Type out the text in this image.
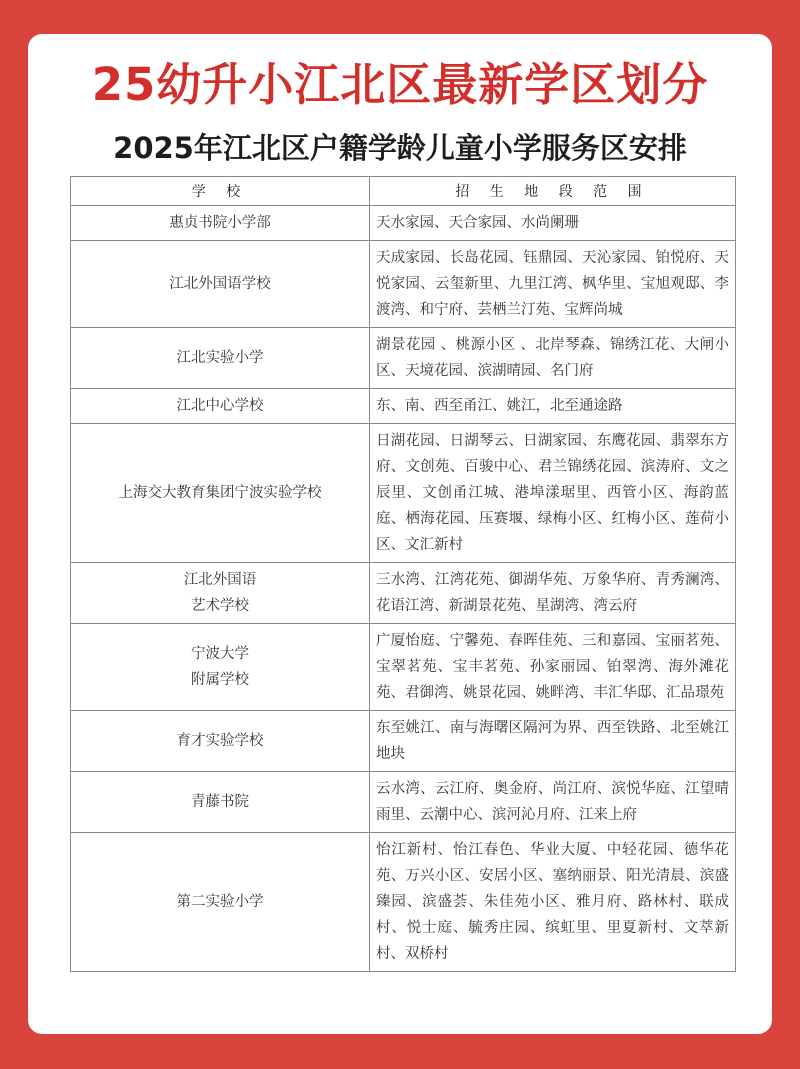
25幼升小江北区最新学区划分
2025年江北区户籍学龄儿童小学服务区安排
学 校	招 生 地 段 范 围
惠贞书院小学部	天水家园、天合家园、水尚阑珊
江北外国语学校	天成家园、长岛花园、钰鼎园、天沁家园、铂悦府、天悦家园、云玺新里、九里江湾、枫华里、宝旭观邸、李渡湾、和宁府、芸栖兰汀苑、宝辉尚城
江北实验小学	湖景花园 、桃源小区 、北岸琴森、锦绣江花、大闸小区、天境花园、滨湖晴园、名门府
江北中心学校	东、南、西至甬江、姚江，北至通途路
上海交大教育集团宁波实验学校	日湖花园、日湖琴云、日湖家园、东鹰花园、翡翠东方府、文创苑、百骏中心、君兰锦绣花园、滨涛府、文之辰里、文创甬江城、港埠漾琚里、西管小区、海韵蓝庭、栖海花园、压赛堰、绿梅小区、红梅小区、莲荷小区、文汇新村
江北外国语
艺术学校	三水湾、江湾花苑、御湖华苑、万象华府、青秀澜湾、花语江湾、新湖景花苑、星湖湾、湾云府
宁波大学
附属学校	广厦怡庭、宁馨苑、春晖佳苑、三和嘉园、宝丽茗苑、宝翠茗苑、宝丰茗苑、孙家丽园、铂翠湾、海外滩花苑、君御湾、姚景花园、姚畔湾、丰汇华邸、汇品璟苑
育才实验学校	东至姚江、南与海曙区隔河为界、西至铁路、北至姚江地块
青藤书院	云水湾、云江府、奥金府、尚江府、滨悦华庭、江望晴雨里、云潮中心、滨河沁月府、江来上府
第二实验小学	怡江新村、怡江春色、华业大厦、中轻花园、德华花苑、万兴小区、安居小区、塞纳丽景、阳光清晨、滨盛臻园、滨盛荟、朱佳苑小区、雅月府、路林村、联成村、悦士庭、毓秀庄园、缤虹里、里夏新村、文萃新村、双桥村
